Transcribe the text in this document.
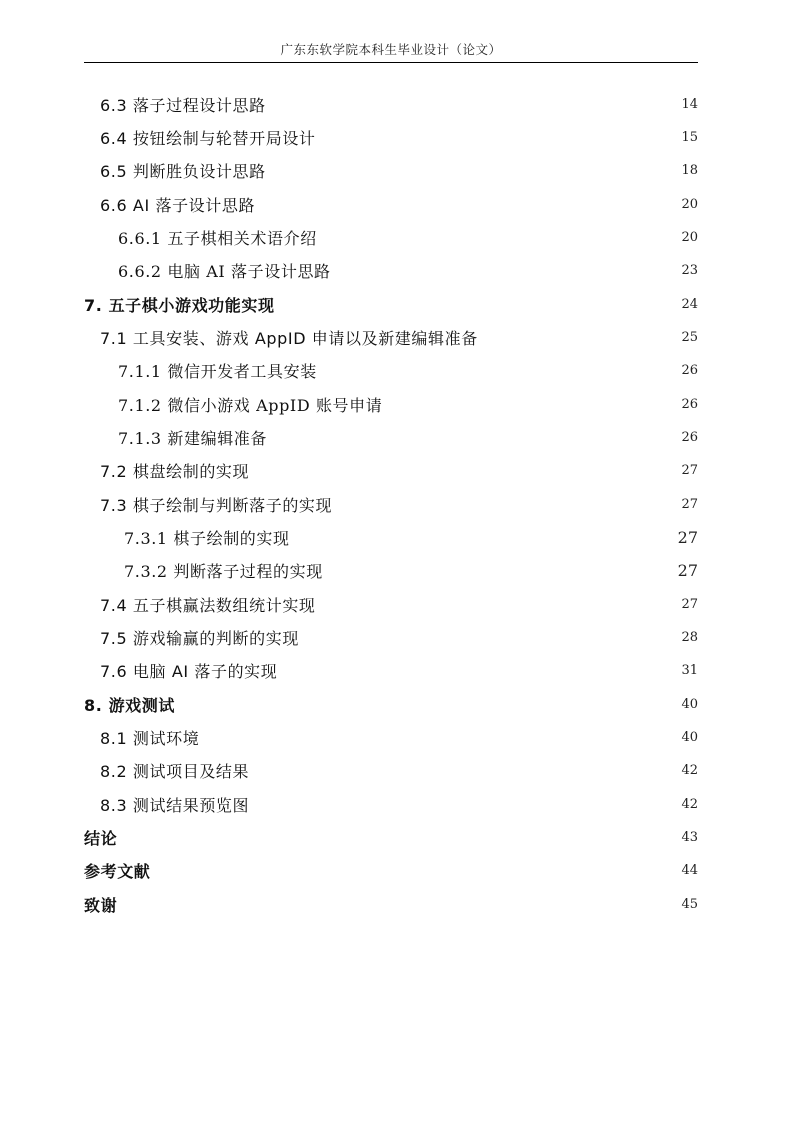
广东东软学院本科生毕业设计（论文）
6.3 落子过程设计思路	14
6.4 按钮绘制与轮替开局设计	15
6.5 判断胜负设计思路	18
6.6 AI 落子设计思路	20
6.6.1 五子棋相关术语介绍	20
6.6.2 电脑 AI 落子设计思路	23
7. 五子棋小游戏功能实现	24
7.1 工具安装、游戏 AppID 申请以及新建编辑准备	25
7.1.1 微信开发者工具安装	26
7.1.2 微信小游戏 AppID 账号申请	26
7.1.3 新建编辑准备	26
7.2 棋盘绘制的实现	27
7.3 棋子绘制与判断落子的实现	27
7.3.1 棋子绘制的实现	27
7.3.2 判断落子过程的实现	27
7.4 五子棋赢法数组统计实现	27
7.5 游戏输赢的判断的实现	28
7.6 电脑 AI 落子的实现	31
8. 游戏测试	40
8.1 测试环境	40
8.2 测试项目及结果	42
8.3 测试结果预览图	42
结论	43
参考文献	44
致谢	45
